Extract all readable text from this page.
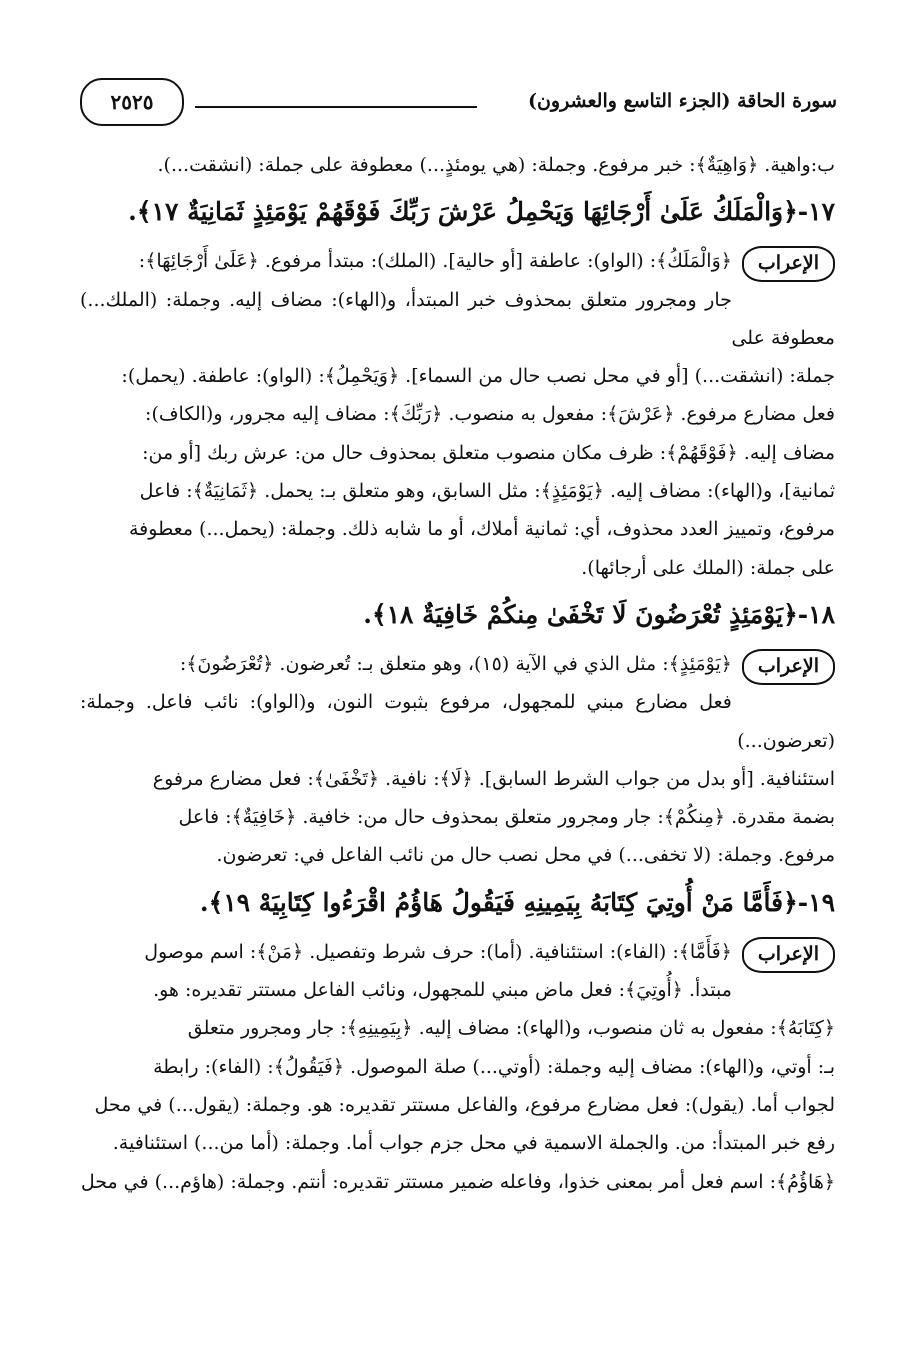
سورة الحاقة (الجزء التاسع والعشرون)
٢٥٢٥

ب:واهية. ﴿وَاهِيَةٌ﴾: خبر مرفوع. وجملة: (هي يومئذٍ...) معطوفة على جملة: (انشقت...).

١٧-﴿وَالْمَلَكُ عَلَىٰ أَرْجَائِهَا وَيَحْمِلُ عَرْشَ رَبِّكَ فَوْقَهُمْ يَوْمَئِذٍ ثَمَانِيَةٌ ١٧﴾.

الإعراب
﴿وَالْمَلَكُ﴾: (الواو): عاطفة [أو حالية]. (الملك): مبتدأ مرفوع. ﴿عَلَىٰ أَرْجَائِهَا﴾:

جار ومجرور متعلق بمحذوف خبر المبتدأ، و(الهاء): مضاف إليه. وجملة: (الملك...) معطوفة على

جملة: (انشقت...) [أو في محل نصب حال من السماء]. ﴿وَيَحْمِلُ﴾: (الواو): عاطفة. (يحمل):

فعل مضارع مرفوع. ﴿عَرْشَ﴾: مفعول به منصوب. ﴿رَبِّكَ﴾: مضاف إليه مجرور، و(الكاف):

مضاف إليه. ﴿فَوْقَهُمْ﴾: ظرف مكان منصوب متعلق بمحذوف حال من: عرش ربك [أو من:

ثمانية]، و(الهاء): مضاف إليه. ﴿يَوْمَئِذٍ﴾: مثل السابق، وهو متعلق بـ: يحمل. ﴿ثَمَانِيَةٌ﴾: فاعل

مرفوع، وتمييز العدد محذوف، أي: ثمانية أملاك، أو ما شابه ذلك. وجملة: (يحمل...) معطوفة

على جملة: (الملك على أرجائها).

١٨-﴿يَوْمَئِذٍ تُعْرَضُونَ لَا تَخْفَىٰ مِنكُمْ خَافِيَةٌ ١٨﴾.

الإعراب
﴿يَوْمَئِذٍ﴾: مثل الذي في الآية (١٥)، وهو متعلق بـ: تُعرضون. ﴿تُعْرَضُونَ﴾:

فعل مضارع مبني للمجهول، مرفوع بثبوت النون، و(الواو): نائب فاعل. وجملة: (تعرضون...)

استئنافية. [أو بدل من جواب الشرط السابق]. ﴿لَا﴾: نافية. ﴿تَخْفَىٰ﴾: فعل مضارع مرفوع

بضمة مقدرة. ﴿مِنكُمْ﴾: جار ومجرور متعلق بمحذوف حال من: خافية. ﴿خَافِيَةٌ﴾: فاعل

مرفوع. وجملة: (لا تخفى...) في محل نصب حال من نائب الفاعل في: تعرضون.

١٩-﴿فَأَمَّا مَنْ أُوتِيَ كِتَابَهُ بِيَمِينِهِ فَيَقُولُ هَاؤُمُ اقْرَءُوا كِتَابِيَهْ ١٩﴾.

الإعراب
﴿فَأَمَّا﴾: (الفاء): استئنافية. (أما): حرف شرط وتفصيل. ﴿مَنْ﴾: اسم موصول

مبتدأ. ﴿أُوتِيَ﴾: فعل ماض مبني للمجهول، ونائب الفاعل مستتر تقديره: هو.

﴿كِتَابَهُ﴾: مفعول به ثان منصوب، و(الهاء): مضاف إليه. ﴿بِيَمِينِهِ﴾: جار ومجرور متعلق

بـ: أوتي، و(الهاء): مضاف إليه وجملة: (أوتي...) صلة الموصول. ﴿فَيَقُولُ﴾: (الفاء): رابطة

لجواب أما. (يقول): فعل مضارع مرفوع، والفاعل مستتر تقديره: هو. وجملة: (يقول...) في محل

رفع خبر المبتدأ: من. والجملة الاسمية في محل جزم جواب أما. وجملة: (أما من...) استئنافية.

﴿هَاؤُمُ﴾: اسم فعل أمر بمعنى خذوا، وفاعله ضمير مستتر تقديره: أنتم. وجملة: (هاؤم...) في محل
